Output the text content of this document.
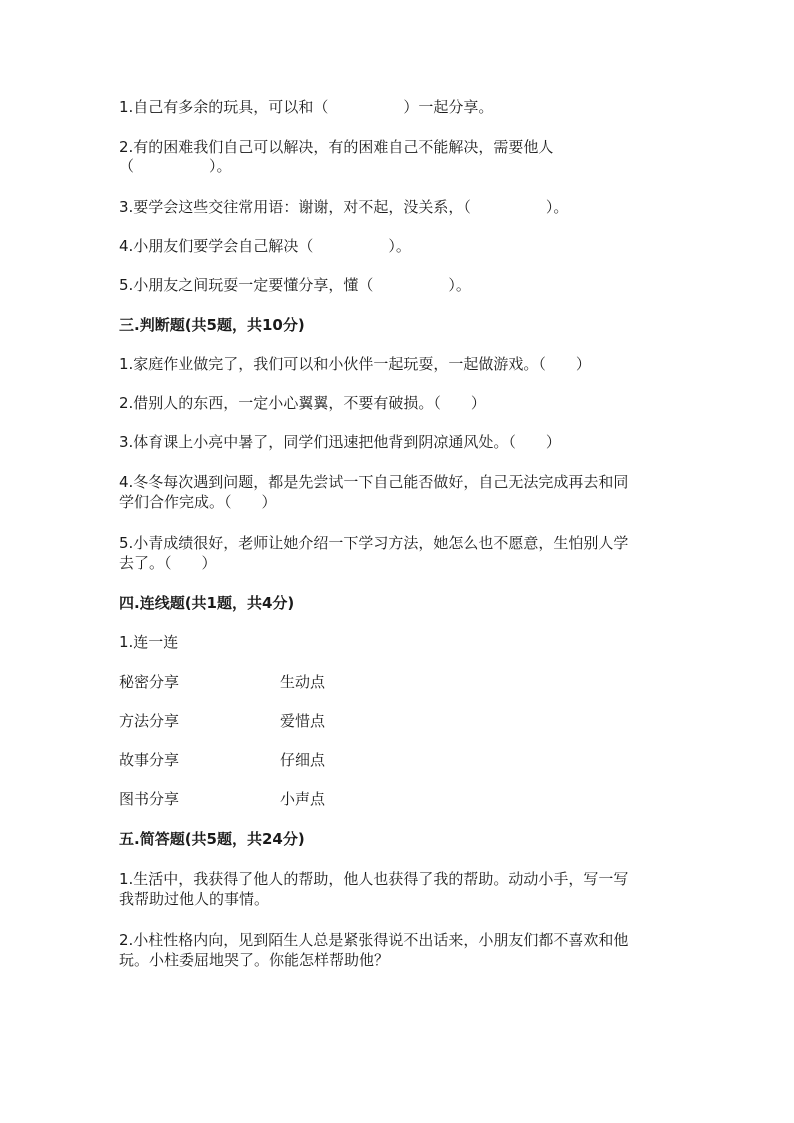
1.自己有多余的玩具，可以和（　　　　　）一起分享。
2.有的困难我们自己可以解决，有的困难自己不能解决，需要他人
（　　　　　）。
3.要学会这些交往常用语：谢谢，对不起，没关系，（　　　　　）。
4.小朋友们要学会自己解决（　　　　　）。
5.小朋友之间玩耍一定要懂分享，懂（　　　　　）。
三.判断题(共5题，共10分)
1.家庭作业做完了，我们可以和小伙伴一起玩耍，一起做游戏。（　　）
2.借别人的东西，一定小心翼翼，不要有破损。（　　）
3.体育课上小亮中暑了，同学们迅速把他背到阴凉通风处。（　　）
4.冬冬每次遇到问题，都是先尝试一下自己能否做好，自己无法完成再去和同
学们合作完成。（　　）
5.小青成绩很好，老师让她介绍一下学习方法，她怎么也不愿意，生怕别人学
去了。（　　）
四.连线题(共1题，共4分)
1.连一连
秘密分享	生动点
方法分享	爱惜点
故事分享	仔细点
图书分享	小声点
五.简答题(共5题，共24分)
1.生活中，我获得了他人的帮助，他人也获得了我的帮助。动动小手，写一写
我帮助过他人的事情。
2.小柱性格内向，见到陌生人总是紧张得说不出话来，小朋友们都不喜欢和他
玩。小柱委屈地哭了。你能怎样帮助他？
